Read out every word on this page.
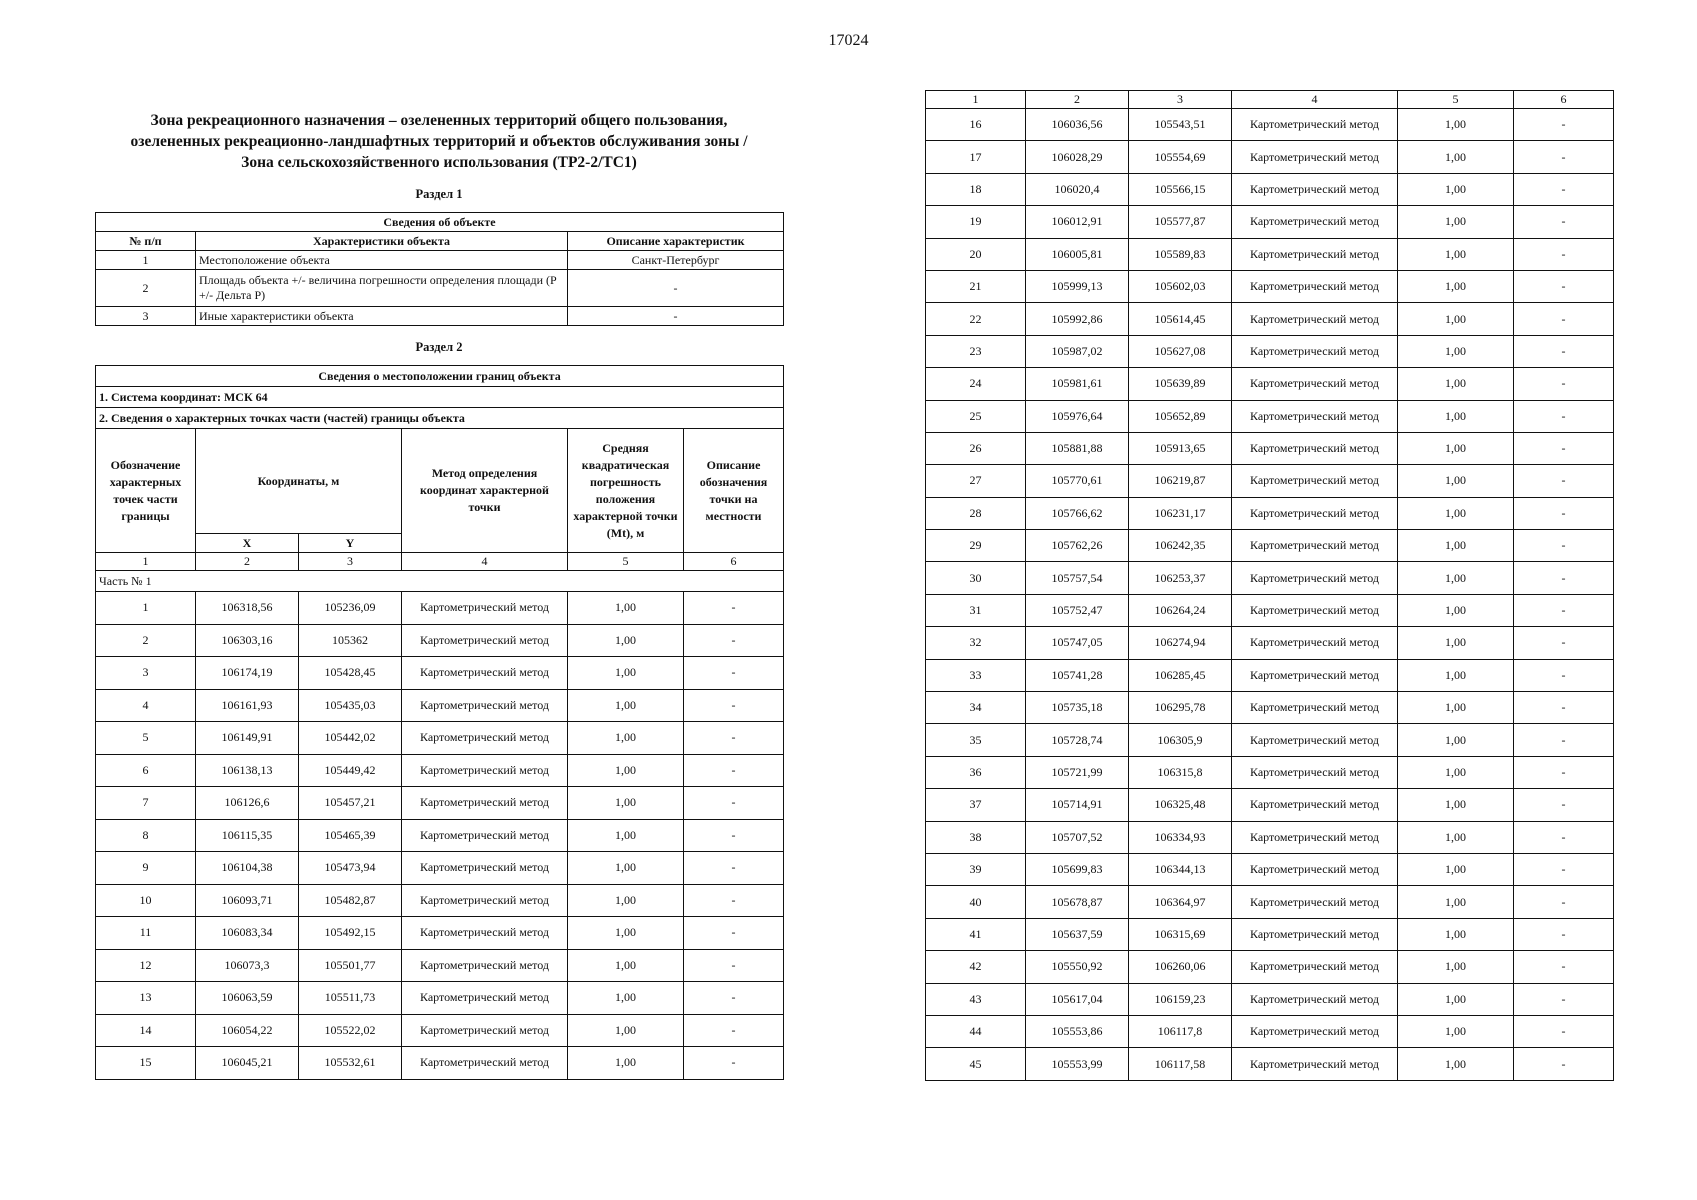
17024

Зона рекреационного назначения – озелененных территорий общего пользования,
озелененных рекреационно-ландшафтных территорий и объектов обслуживания зоны /
Зона сельскохозяйственного использования (ТР2-2/ТС1)

Раздел 1
Сведения об объекте		
№ п/п	Характеристики объекта	Описание характеристик
1	Местоположение объекта	Санкт-Петербург
2	Площадь объекта +/- величина погрешности определения площади (Р +/- Дельта Р)	-
3	Иные характеристики объекта	-
Раздел 2
Сведения о местоположении границ объекта					
1. Система координат: МСК 64					
2. Сведения о характерных точках части (частей) границы объекта					
Обозначение характерных точек части границы	Координаты, м		Метод определения координат характерной точки	Средняя квадратическая погрешность положения характерной точки (Мt), м	Описание обозначения точки на местности
	X	Y			
1	2	3	4	5	6
Часть № 1					
1	106318,56	105236,09	Картометрический метод	1,00	-
2	106303,16	105362	Картометрический метод	1,00	-
3	106174,19	105428,45	Картометрический метод	1,00	-
4	106161,93	105435,03	Картометрический метод	1,00	-
5	106149,91	105442,02	Картометрический метод	1,00	-
6	106138,13	105449,42	Картометрический метод	1,00	-
7	106126,6	105457,21	Картометрический метод	1,00	-
8	106115,35	105465,39	Картометрический метод	1,00	-
9	106104,38	105473,94	Картометрический метод	1,00	-
10	106093,71	105482,87	Картометрический метод	1,00	-
11	106083,34	105492,15	Картометрический метод	1,00	-
12	106073,3	105501,77	Картометрический метод	1,00	-
13	106063,59	105511,73	Картометрический метод	1,00	-
14	106054,22	105522,02	Картометрический метод	1,00	-
15	106045,21	105532,61	Картометрический метод	1,00	-
1	2	3	4	5	6
16	106036,56	105543,51	Картометрический метод	1,00	-
17	106028,29	105554,69	Картометрический метод	1,00	-
18	106020,4	105566,15	Картометрический метод	1,00	-
19	106012,91	105577,87	Картометрический метод	1,00	-
20	106005,81	105589,83	Картометрический метод	1,00	-
21	105999,13	105602,03	Картометрический метод	1,00	-
22	105992,86	105614,45	Картометрический метод	1,00	-
23	105987,02	105627,08	Картометрический метод	1,00	-
24	105981,61	105639,89	Картометрический метод	1,00	-
25	105976,64	105652,89	Картометрический метод	1,00	-
26	105881,88	105913,65	Картометрический метод	1,00	-
27	105770,61	106219,87	Картометрический метод	1,00	-
28	105766,62	106231,17	Картометрический метод	1,00	-
29	105762,26	106242,35	Картометрический метод	1,00	-
30	105757,54	106253,37	Картометрический метод	1,00	-
31	105752,47	106264,24	Картометрический метод	1,00	-
32	105747,05	106274,94	Картометрический метод	1,00	-
33	105741,28	106285,45	Картометрический метод	1,00	-
34	105735,18	106295,78	Картометрический метод	1,00	-
35	105728,74	106305,9	Картометрический метод	1,00	-
36	105721,99	106315,8	Картометрический метод	1,00	-
37	105714,91	106325,48	Картометрический метод	1,00	-
38	105707,52	106334,93	Картометрический метод	1,00	-
39	105699,83	106344,13	Картометрический метод	1,00	-
40	105678,87	106364,97	Картометрический метод	1,00	-
41	105637,59	106315,69	Картометрический метод	1,00	-
42	105550,92	106260,06	Картометрический метод	1,00	-
43	105617,04	106159,23	Картометрический метод	1,00	-
44	105553,86	106117,8	Картометрический метод	1,00	-
45	105553,99	106117,58	Картометрический метод	1,00	-
